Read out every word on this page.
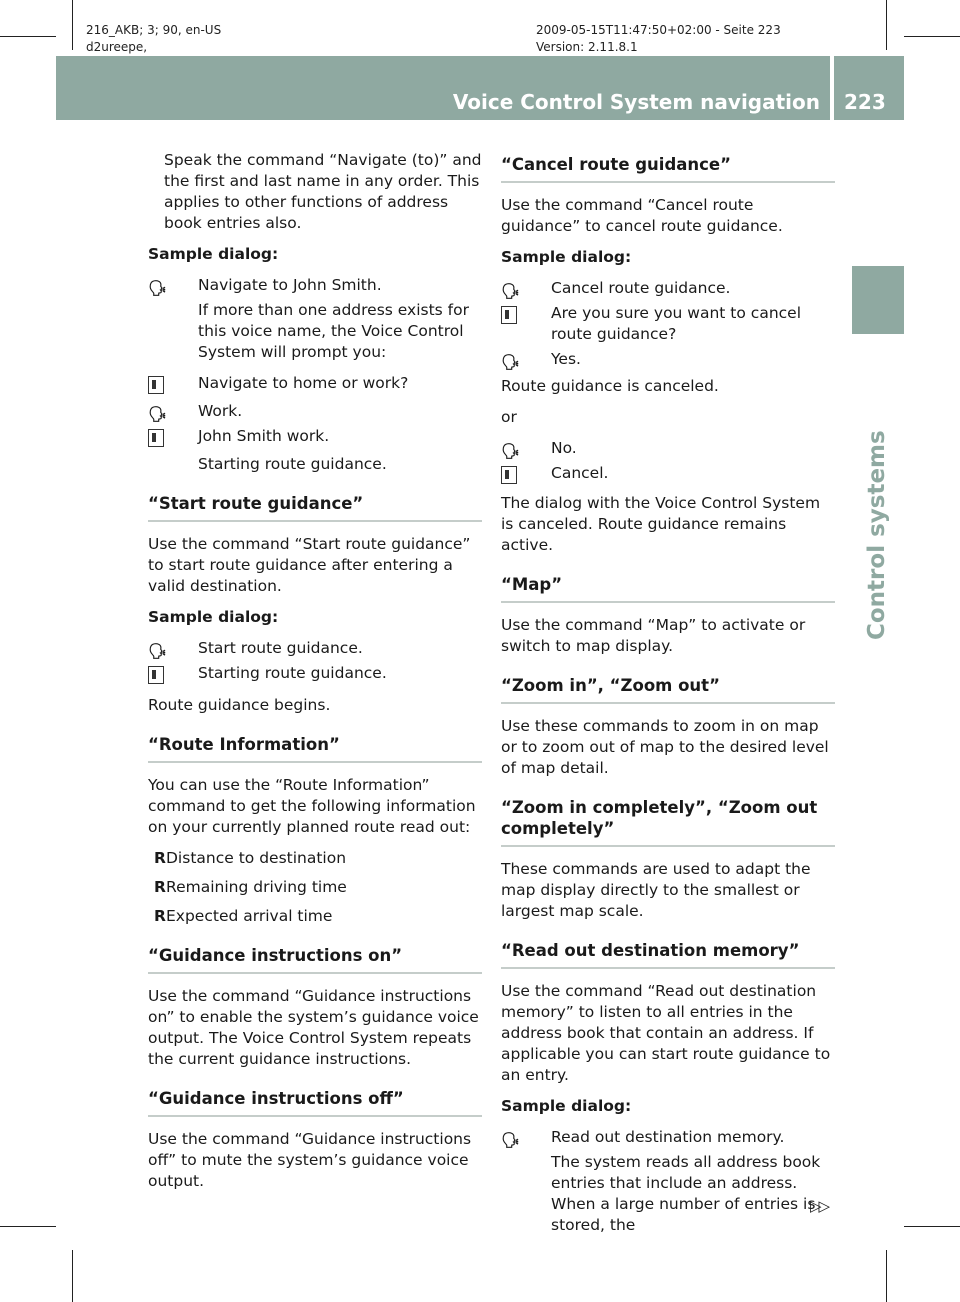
216_AKB; 3; 90, en-US
d2ureepe,
2009-05-15T11:47:50+02:00 - Seite 223
Version: 2.11.8.1
Voice Control System navigation 223
Control systems

Speak the command “Navigate (to)” and the first and last name in any order. This applies to other functions of address book entries also.

Sample dialog:

🗣	Navigate to John Smith.

If more than one address exists for this voice name, the Voice Control System will prompt you:

Navigate to home or work?
🗣	Work.
John Smith work.

Starting route guidance.

“Start route guidance”

Use the command “Start route guidance” to start route guidance after entering a valid destination.

Sample dialog:

🗣	Start route guidance.
Starting route guidance.

Route guidance begins.

“Route Information”

You can use the “Route Information” command to get the following information on your currently planned route read out:

R Distance to destination
R Remaining driving time
R Expected arrival time
“Guidance instructions on”

Use the command “Guidance instructions on” to enable the system’s guidance voice output. The Voice Control System repeats the current guidance instructions.

“Guidance instructions off”

Use the command “Guidance instructions off” to mute the system’s guidance voice output.

“Cancel route guidance”

Use the command “Cancel route guidance” to cancel route guidance.

Sample dialog:

🗣	Cancel route guidance.
Are you sure you want to cancel route guidance?
🗣	Yes.

Route guidance is canceled.

or

🗣	No.
Cancel.

The dialog with the Voice Control System is canceled. Route guidance remains active.

“Map”

Use the command “Map” to activate or switch to map display.

“Zoom in”, “Zoom out”

Use these commands to zoom in on map or to zoom out of map to the desired level of map detail.

“Zoom in completely”, “Zoom out completely”

These commands are used to adapt the map display directly to the smallest or largest map scale.

“Read out destination memory”

Use the command “Read out destination memory” to listen to all entries in the address book that contain an address. If applicable you can start route guidance to an entry.

Sample dialog:

🗣	Read out destination memory.

The system reads all address book entries that include an address. When a large number of entries is stored, the

▷▷
